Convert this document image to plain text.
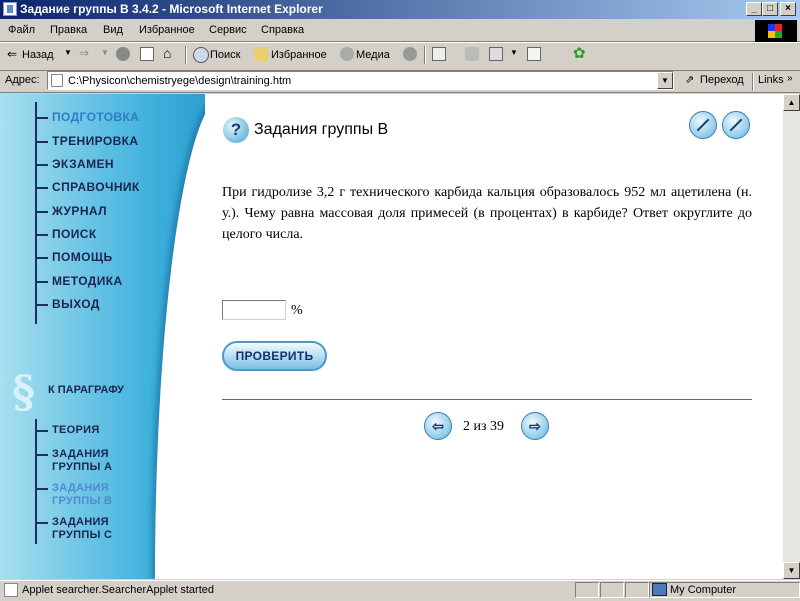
Задание группы В 3.4.2 - Microsoft Internet Explorer	_	□	×
Файл Правка Вид Избранное Сервис Справка
⇐ Назад ▼ ⇒ ▼	⌂	Поиск	Избранное	Медиа	▼	✿
Адрес:	C:\Physicon\chemistryege\design\training.htm	▼	⇗ Переход Links »
ПОДГОТОВКА
ТРЕНИРОВКА
ЭКЗАМЕН
СПРАВОЧНИК
ЖУРНАЛ
ПОИСК
ПОМОЩЬ
МЕТОДИКА
ВЫХОД
§ К ПАРАГРАФУ
ТЕОРИЯ
ЗАДАНИЯ
ГРУППЫ А
ЗАДАНИЯ
ГРУППЫ В
ЗАДАНИЯ
ГРУППЫ С
? Задания группы В
При гидролизе 3,2 г технического карбида кальция образовалось 952 мл ацетилена (н. у.). Чему равна массовая доля примесей (в процентах) в карбиде? Ответ округлите до целого числа.
%
ПРОВЕРИТЬ
⇦	2 из 39	⇨
▲
▼
Applet searcher.SearcherApplet started	My Computer
